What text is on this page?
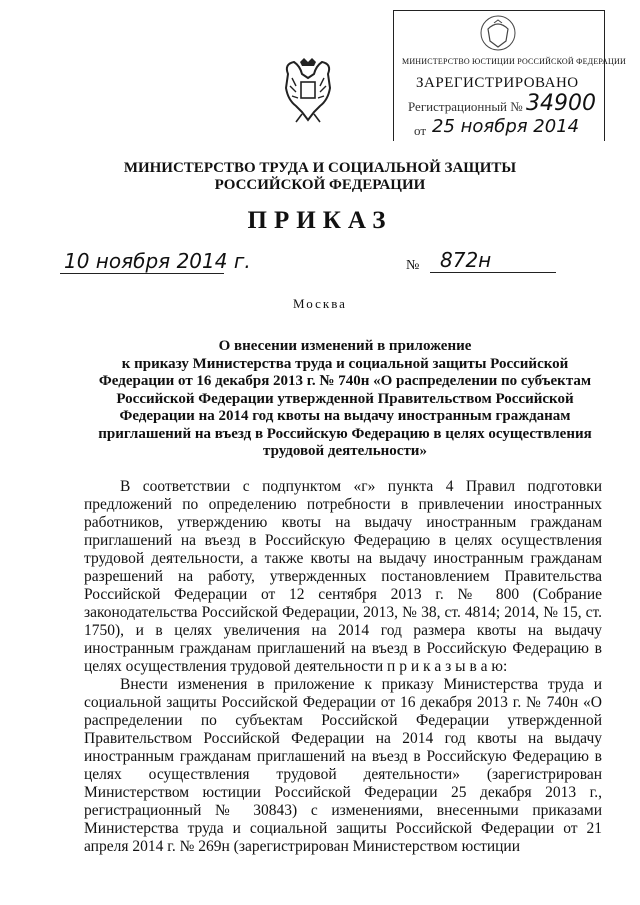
МИНИСТЕРСТВО ЮСТИЦИИ РОССИЙСКОЙ ФЕДЕРАЦИИ
ЗАРЕГИСТРИРОВАНО
Регистрационный № 34900
от 25 ноября 2014
МИНИСТЕРСТВО ТРУДА И СОЦИАЛЬНОЙ ЗАЩИТЫ
РОССИЙСКОЙ ФЕДЕРАЦИИ
ПРИКАЗ
10 ноября 2014 г.	№	872н
Москва
О внесении изменений в приложение
к приказу Министерства труда и социальной защиты Российской
Федерации от 16 декабря 2013 г. № 740н «О распределении по субъектам
Российской Федерации утвержденной Правительством Российской
Федерации на 2014 год квоты на выдачу иностранным гражданам
приглашений на въезд в Российскую Федерацию в целях осуществления
трудовой деятельности»

В соответствии с подпунктом «г» пункта 4 Правил подготовки предложений по определению потребности в привлечении иностранных работников, утверждению квоты на выдачу иностранным гражданам приглашений на въезд в Российскую Федерацию в целях осуществления трудовой деятельности, а также квоты на выдачу иностранным гражданам разрешений на работу, утвержденных постановлением Правительства Российской Федерации от 12 сентября 2013 г. № 800 (Собрание законодательства Российской Федерации, 2013, № 38, ст. 4814; 2014, № 15, ст. 1750), и в целях увеличения на 2014 год размера квоты на выдачу иностранным гражданам приглашений на въезд в Российскую Федерацию в целях осуществления трудовой деятельности п р и к а з ы в а ю:

Внести изменения в приложение к приказу Министерства труда и социальной защиты Российской Федерации от 16 декабря 2013 г. № 740н «О распределении по субъектам Российской Федерации утвержденной Правительством Российской Федерации на 2014 год квоты на выдачу иностранным гражданам приглашений на въезд в Российскую Федерацию в целях осуществления трудовой деятельности» (зарегистрирован Министерством юстиции Российской Федерации 25 декабря 2013 г., регистрационный № 30843) с изменениями, внесенными приказами Министерства труда и социальной защиты Российской Федерации от 21 апреля 2014 г. № 269н (зарегистрирован Министерством юстиции
